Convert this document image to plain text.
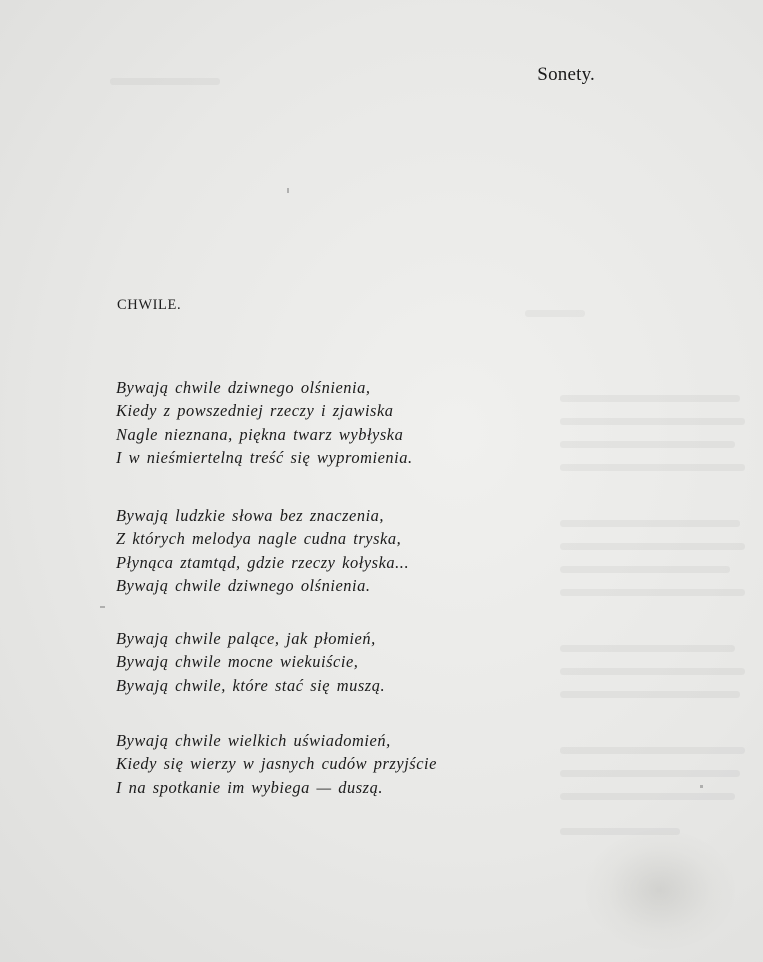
Sonety.
CHWILE.
Bywają chwile dziwnego olśnienia,
Kiedy z powszedniej rzeczy i zjawiska
Nagle nieznana, piękna twarz wybłyska
I w nieśmiertelną treść się wypromienia.
Bywają ludzkie słowa bez znaczenia,
Z których melodya nagle cudna tryska,
Płynąca ztamtąd, gdzie rzeczy kołyska...
Bywają chwile dziwnego olśnienia.
Bywają chwile palące, jak płomień,
Bywają chwile mocne wiekuiście,
Bywają chwile, które stać się muszą.
Bywają chwile wielkich uświadomień,
Kiedy się wierzy w jasnych cudów przyjście
I na spotkanie im wybiega — duszą.
